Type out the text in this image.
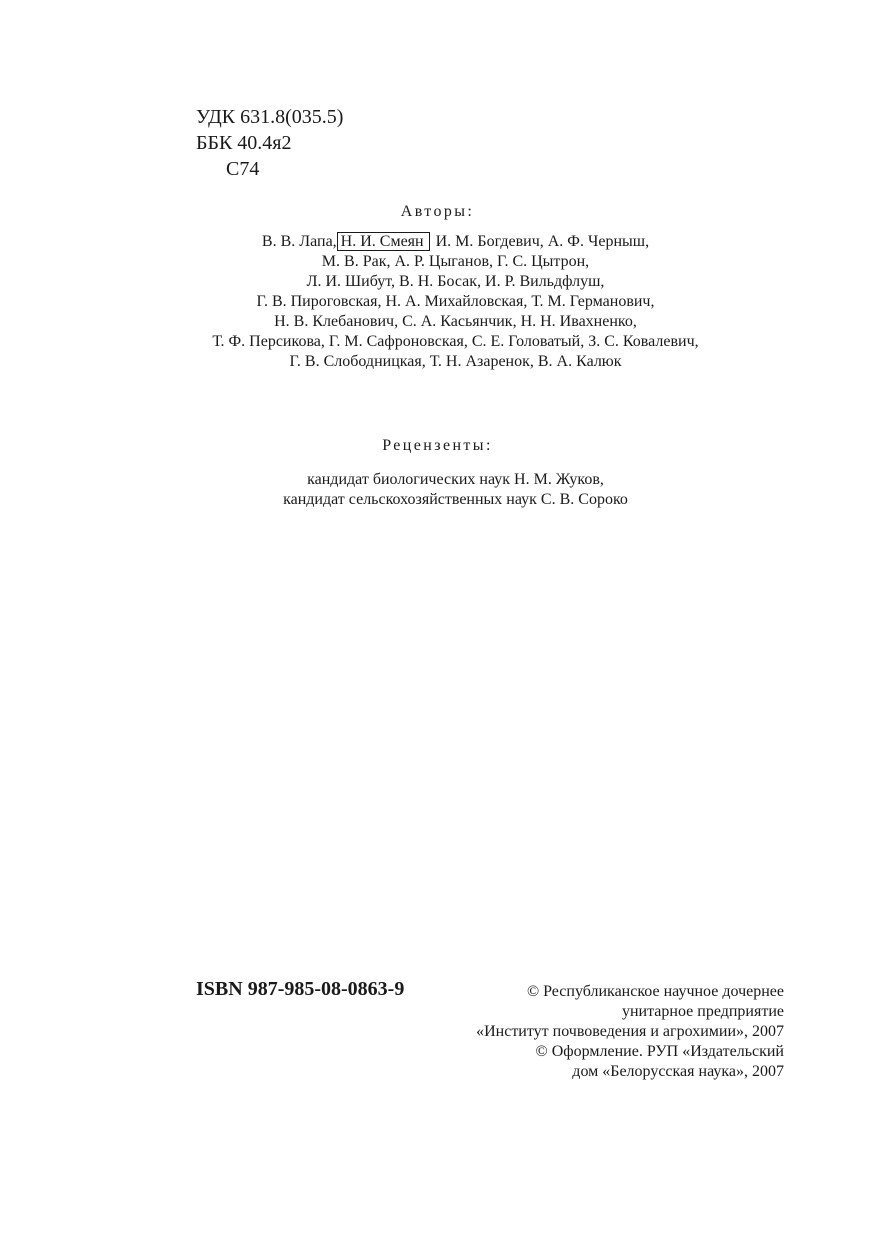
УДК 631.8(035.5)
ББК 40.4я2
С74
Авторы:
В. В. Лапа, Н. И. Смеян И. М. Богдевич, А. Ф. Черныш,
М. В. Рак, А. Р. Цыганов, Г. С. Цытрон,
Л. И. Шибут, В. Н. Босак, И. Р. Вильдфлуш,
Г. В. Пироговская, Н. А. Михайловская, Т. М. Германович,
Н. В. Клебанович, С. А. Касьянчик, Н. Н. Ивахненко,
Т. Ф. Персикова, Г. М. Сафроновская, С. Е. Головатый, З. С. Ковалевич,
Г. В. Слободницкая, Т. Н. Азаренок, В. А. Калюк
Рецензенты:
кандидат биологических наук Н. М. Жуков,
кандидат сельскохозяйственных наук С. В. Сороко
ISBN 987-985-08-0863-9	© Республиканское научное дочернее
унитарное предприятие
«Институт почвоведения и агрохимии», 2007
© Оформление. РУП «Издательский
дом «Белорусская наука», 2007
